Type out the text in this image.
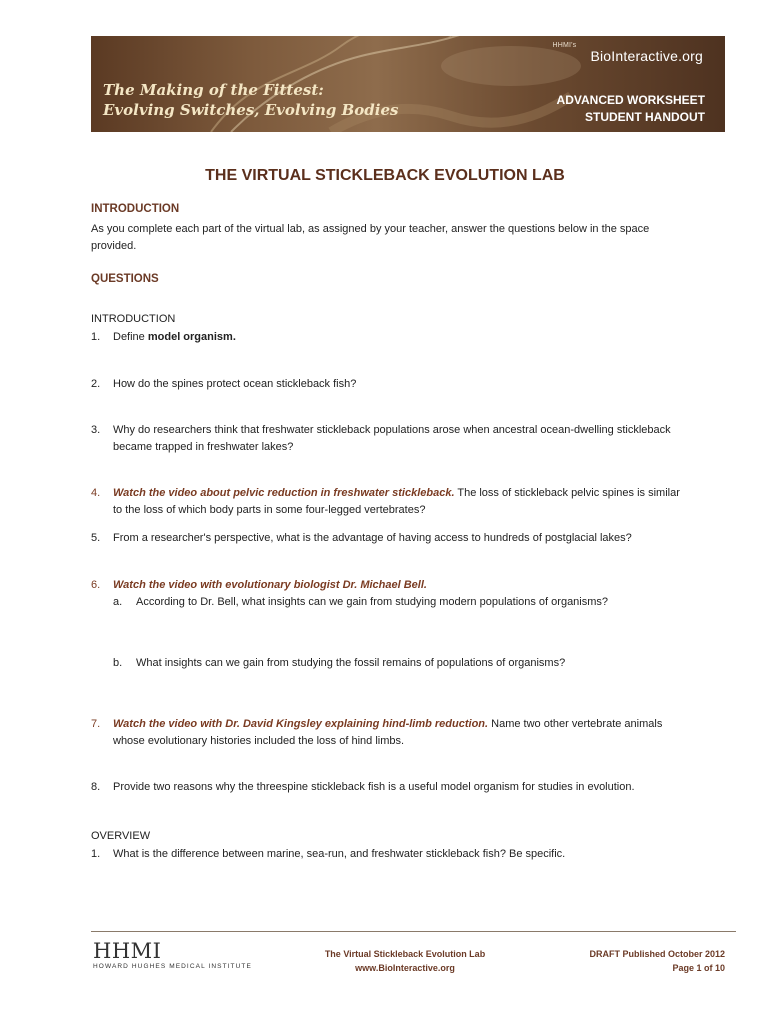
The Making of the Fittest:
Evolving Switches, Evolving Bodies
HHMI's
BioInteractive.org
ADVANCED WORKSHEET
STUDENT HANDOUT
THE VIRTUAL STICKLEBACK EVOLUTION LAB
INTRODUCTION
As you complete each part of the virtual lab, as assigned by your teacher, answer the questions below in the space provided.
QUESTIONS
INTRODUCTION
1. Define model organism.
2. How do the spines protect ocean stickleback fish?
3. Why do researchers think that freshwater stickleback populations arose when ancestral ocean-dwelling stickleback became trapped in freshwater lakes?
4. Watch the video about pelvic reduction in freshwater stickleback. The loss of stickleback pelvic spines is similar to the loss of which body parts in some four-legged vertebrates?
5. From a researcher's perspective, what is the advantage of having access to hundreds of postglacial lakes?
6. Watch the video with evolutionary biologist Dr. Michael Bell.
a. According to Dr. Bell, what insights can we gain from studying modern populations of organisms?
b. What insights can we gain from studying the fossil remains of populations of organisms?
7. Watch the video with Dr. David Kingsley explaining hind-limb reduction. Name two other vertebrate animals whose evolutionary histories included the loss of hind limbs.
8. Provide two reasons why the threespine stickleback fish is a useful model organism for studies in evolution.
OVERVIEW
1. What is the difference between marine, sea-run, and freshwater stickleback fish? Be specific.
HHMI
HOWARD HUGHES MEDICAL INSTITUTE
The Virtual Stickleback Evolution Lab
www.BioInteractive.org
DRAFT Published October 2012
Page 1 of 10
